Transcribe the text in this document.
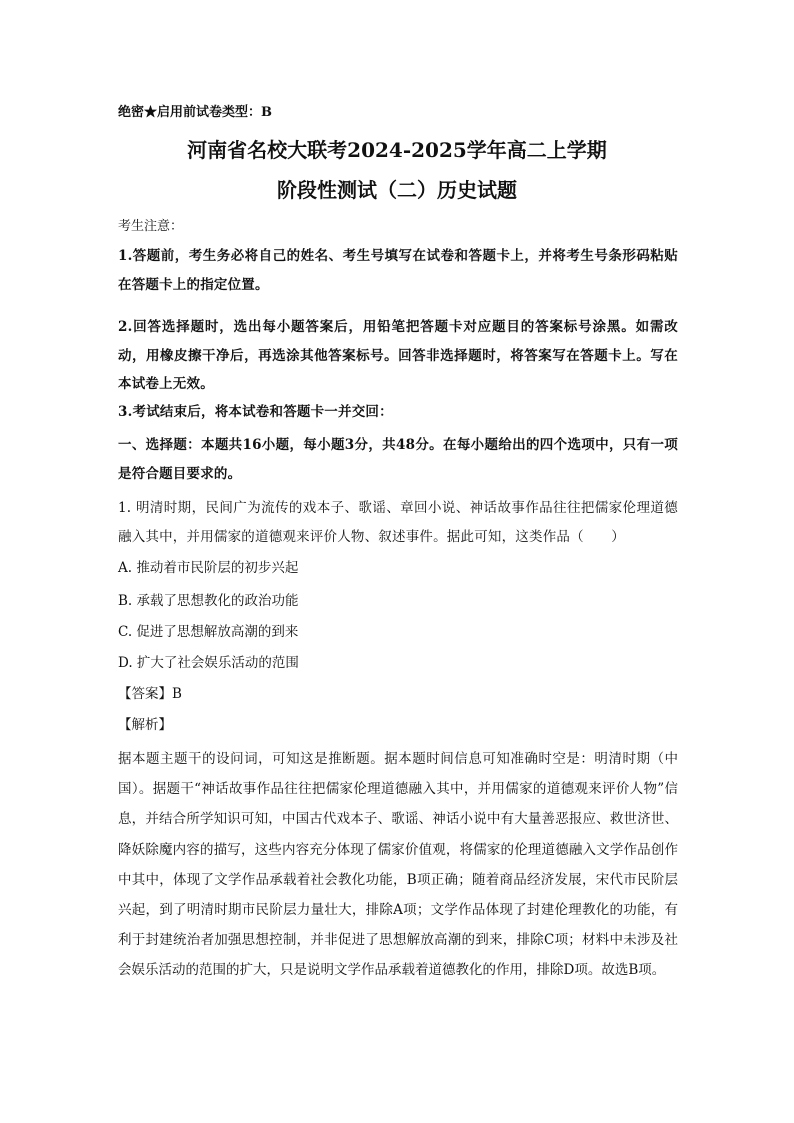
绝密★启用前试卷类型：B

河南省名校大联考2024-2025学年高二上学期

阶段性测试（二）历史试题

考生注意：

1.答题前，考生务必将自己的姓名、考生号填写在试卷和答题卡上，并将考生号条形码粘贴在答题卡上的指定位置。

2.回答选择题时，选出每小题答案后，用铅笔把答题卡对应题目的答案标号涂黑。如需改动，用橡皮擦干净后，再选涂其他答案标号。回答非选择题时，将答案写在答题卡上。写在本试卷上无效。

3.考试结束后，将本试卷和答题卡一并交回：

一、选择题：本题共16小题，每小题3分，共48分。在每小题给出的四个选项中，只有一项是符合题目要求的。

1. 明清时期，民间广为流传的戏本子、歌谣、章回小说、神话故事作品往往把儒家伦理道德融入其中，并用儒家的道德观来评价人物、叙述事件。据此可知，这类作品（　　）

A. 推动着市民阶层的初步兴起

B. 承载了思想教化的政治功能

C. 促进了思想解放高潮的到来

D. 扩大了社会娱乐活动的范围

【答案】B

【解析】

据本题主题干的设问词，可知这是推断题。据本题时间信息可知准确时空是：明清时期（中国）。据题干“神话故事作品往往把儒家伦理道德融入其中，并用儒家的道德观来评价人物”信息，并结合所学知识可知，中国古代戏本子、歌谣、神话小说中有大量善恶报应、救世济世、降妖除魔内容的描写，这些内容充分体现了儒家价值观，将儒家的伦理道德融入文学作品创作中其中，体现了文学作品承载着社会教化功能，B项正确；随着商品经济发展，宋代市民阶层兴起，到了明清时期市民阶层力量壮大，排除A项；文学作品体现了封建伦理教化的功能，有利于封建统治者加强思想控制，并非促进了思想解放高潮的到来，排除C项；材料中未涉及社会娱乐活动的范围的扩大，只是说明文学作品承载着道德教化的作用，排除D项。故选B项。
